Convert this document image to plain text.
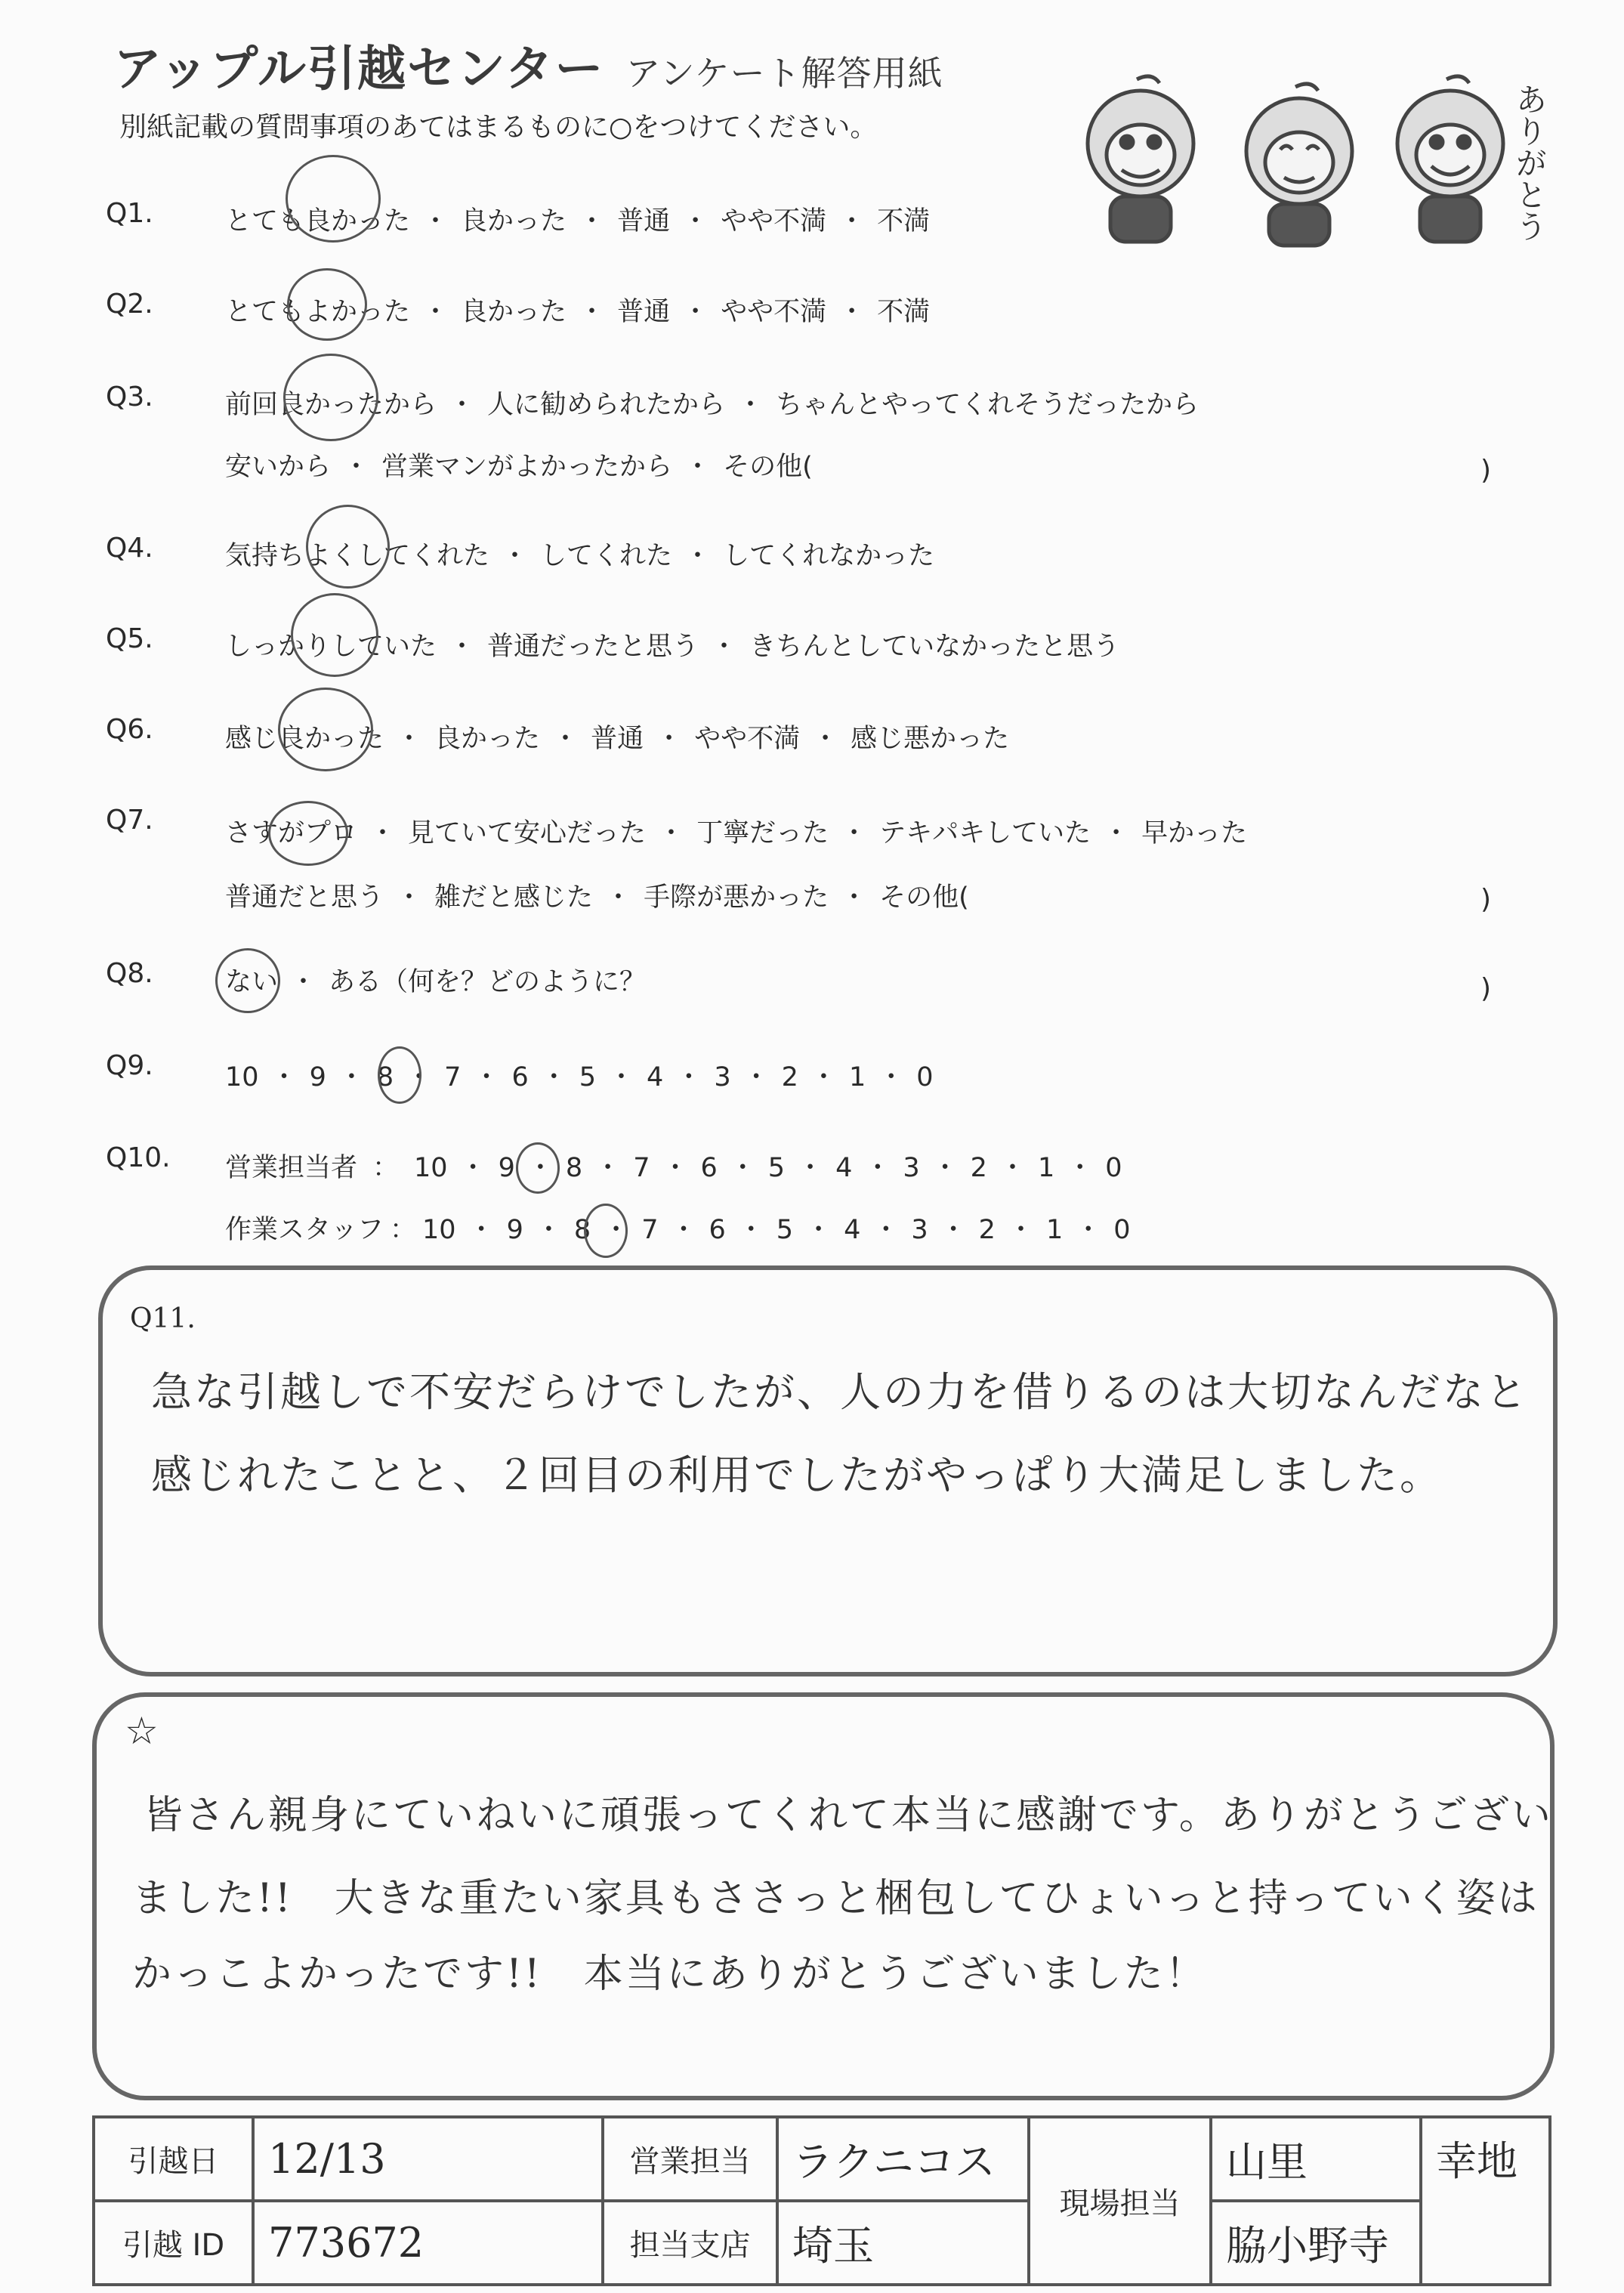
アップル引越センター アンケート解答用紙
別紙記載の質問事項のあてはまるものに○をつけてください。	ありがとう
Q1.	とても良かった ・ 良かった ・ 普通 ・ やや不満 ・ 不満
Q2.	とてもよかった ・ 良かった ・ 普通 ・ やや不満 ・ 不満
Q3.	前回良かったから ・ 人に勧められたから ・ ちゃんとやってくれそうだったから
安いから ・ 営業マンがよかったから ・ その他(	)
Q4.	気持ちよくしてくれた ・ してくれた ・ してくれなかった
Q5.	しっかりしていた ・ 普通だったと思う ・ きちんとしていなかったと思う
Q6.	感じ良かった ・ 良かった ・ 普通 ・ やや不満 ・ 感じ悪かった
Q7.	さすがプロ ・ 見ていて安心だった ・ 丁寧だった ・ テキパキしていた ・ 早かった
普通だと思う ・ 雑だと感じた ・ 手際が悪かった ・ その他(	)
Q8.	ない ・ ある（何を？どのように？	)
Q9.	10 ・ 9 ・ 8 ・ 7 ・ 6 ・ 5 ・ 4 ・ 3 ・ 2 ・ 1 ・ 0
Q10. 営業担当者 ： 10 ・ 9 ・ 8 ・ 7 ・ 6 ・ 5 ・ 4 ・ 3 ・ 2 ・ 1 ・ 0
作業スタッフ ： 10 ・ 9 ・ 8 ・ 7 ・ 6 ・ 5 ・ 4 ・ 3 ・ 2 ・ 1 ・ 0
Q11.
急な引越しで不安だらけでしたが、人の力を借りるのは大切なんだなと
感じれたことと、２回目の利用でしたがやっぱり大満足しました。
☆
皆さん親身にていねいに頑張ってくれて本当に感謝です。ありがとうござい
ました!!　大きな重たい家具もささっと梱包してひょいっと持っていく姿は
かっこよかったです!!　本当にありがとうございました！
引越日	12/13	営業担当	ラクニコス	現場担当	山里	幸地
引越 ID	773672	担当支店	埼玉		脇小野寺	
